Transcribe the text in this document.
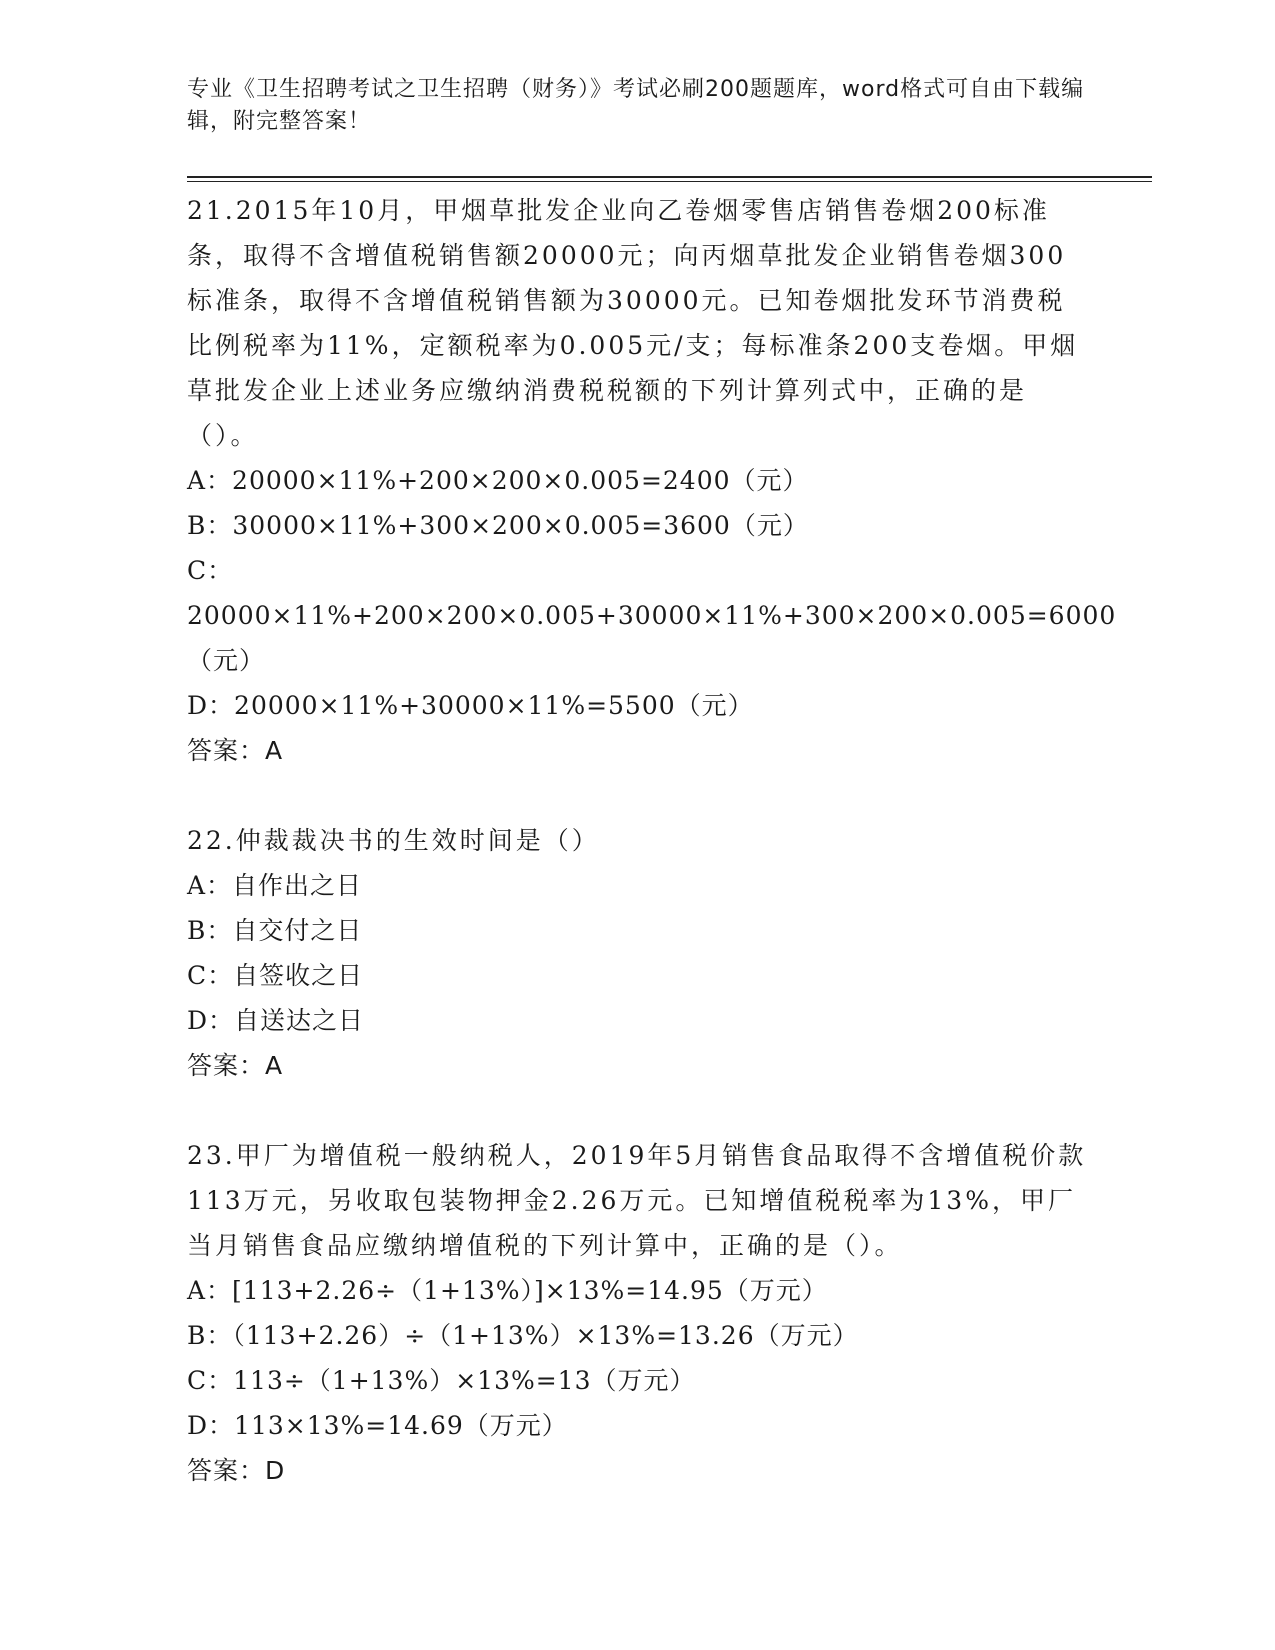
专业《卫生招聘考试之卫生招聘（财务）》考试必刷200题题库，word格式可自由下载编辑，附完整答案！

21.2015年10月，甲烟草批发企业向乙卷烟零售店销售卷烟200标准条，取得不含增值税销售额20000元；向丙烟草批发企业销售卷烟300标准条，取得不含增值税销售额为30000元。已知卷烟批发环节消费税比例税率为11%，定额税率为0.005元/支；每标准条200支卷烟。甲烟草批发企业上述业务应缴纳消费税税额的下列计算列式中，正确的是（）。

A：20000×11%+200×200×0.005=2400（元）

B：30000×11%+300×200×0.005=3600（元）

C：20000×11%+200×200×0.005+30000×11%+300×200×0.005=6000（元）

D：20000×11%+30000×11%=5500（元）

答案：A

22.仲裁裁决书的生效时间是（）

A：自作出之日

B：自交付之日

C：自签收之日

D：自送达之日

答案：A

23.甲厂为增值税一般纳税人，2019年5月销售食品取得不含增值税价款113万元，另收取包装物押金2.26万元。已知增值税税率为13%，甲厂当月销售食品应缴纳增值税的下列计算中，正确的是（）。

A：[113+2.26÷（1+13%）]×13%=14.95（万元）

B：（113+2.26）÷（1+13%）×13%=13.26（万元）

C：113÷（1+13%）×13%=13（万元）

D：113×13%=14.69（万元）

答案：D
